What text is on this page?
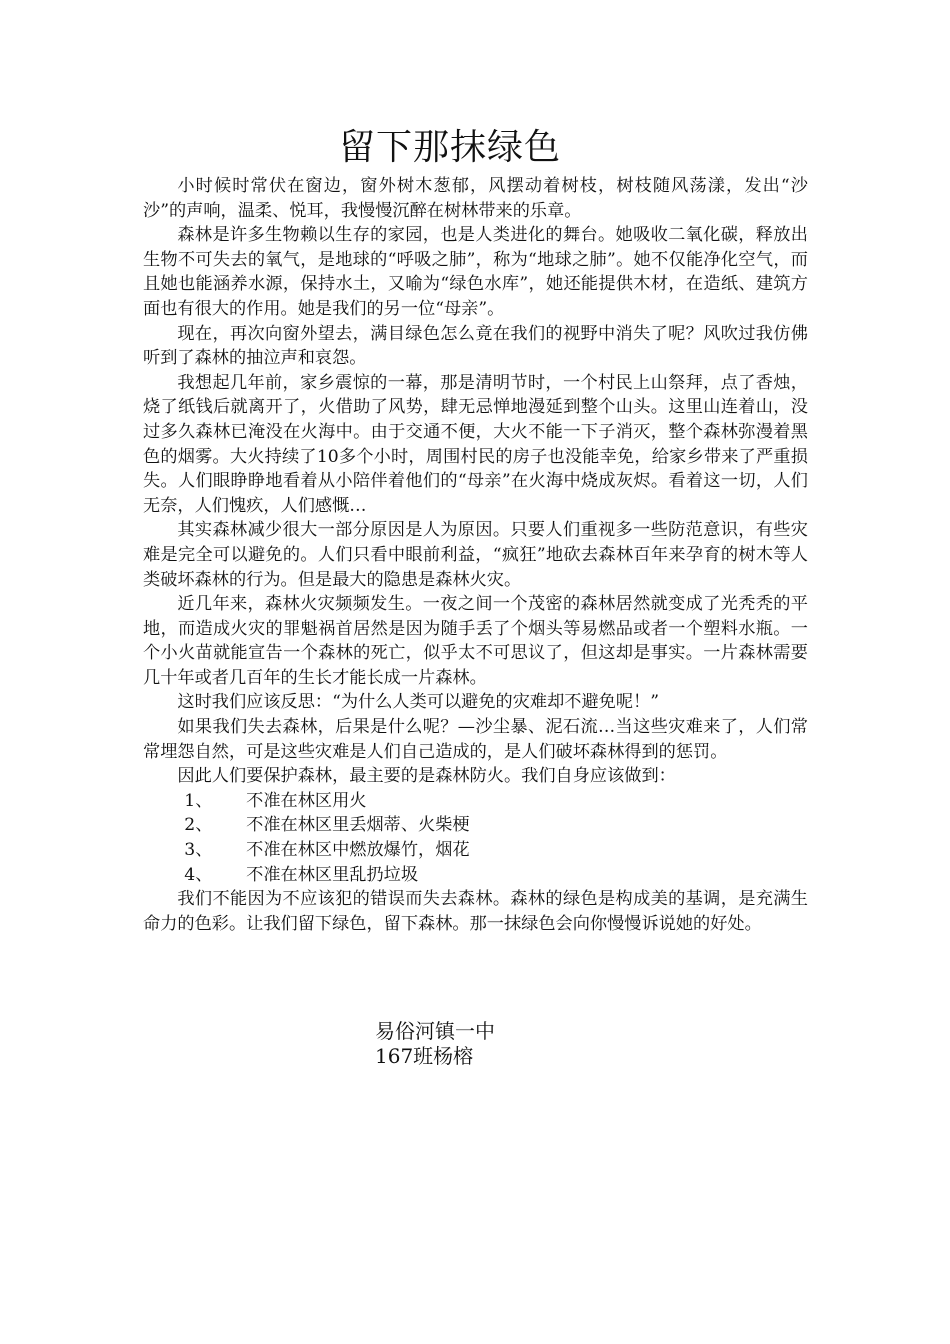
留下那抹绿色

小时候时常伏在窗边，窗外树木葱郁，风摆动着树枝，树枝随风荡漾，发出“沙沙”的声响，温柔、悦耳，我慢慢沉醉在树林带来的乐章。

森林是许多生物赖以生存的家园，也是人类进化的舞台。她吸收二氧化碳，释放出生物不可失去的氧气，是地球的“呼吸之肺”，称为“地球之肺”。她不仅能净化空气，而且她也能涵养水源，保持水土，又喻为“绿色水库”，她还能提供木材，在造纸、建筑方面也有很大的作用。她是我们的另一位“母亲”。

现在，再次向窗外望去，满目绿色怎么竟在我们的视野中消失了呢？风吹过我仿佛听到了森林的抽泣声和哀怨。

我想起几年前，家乡震惊的一幕，那是清明节时，一个村民上山祭拜，点了香烛，烧了纸钱后就离开了，火借助了风势，肆无忌惮地漫延到整个山头。这里山连着山，没过多久森林已淹没在火海中。由于交通不便，大火不能一下子消灭，整个森林弥漫着黑色的烟雾。大火持续了10多个小时，周围村民的房子也没能幸免，给家乡带来了严重损失。人们眼睁睁地看着从小陪伴着他们的“母亲”在火海中烧成灰烬。看着这一切，人们无奈，人们愧疚，人们感慨…

其实森林减少很大一部分原因是人为原因。只要人们重视多一些防范意识，有些灾难是完全可以避免的。人们只看中眼前利益，“疯狂”地砍去森林百年来孕育的树木等人类破坏森林的行为。但是最大的隐患是森林火灾。

近几年来，森林火灾频频发生。一夜之间一个茂密的森林居然就变成了光秃秃的平地，而造成火灾的罪魁祸首居然是因为随手丢了个烟头等易燃品或者一个塑料水瓶。一个小火苗就能宣告一个森林的死亡，似乎太不可思议了，但这却是事实。一片森林需要几十年或者几百年的生长才能长成一片森林。

这时我们应该反思：“为什么人类可以避免的灾难却不避免呢！”

如果我们失去森林，后果是什么呢？—沙尘暴、泥石流…当这些灾难来了，人们常常埋怨自然，可是这些灾难是人们自己造成的，是人们破坏森林得到的惩罚。

因此人们要保护森林，最主要的是森林防火。我们自身应该做到：

1、 不准在林区用火

2、 不准在林区里丢烟蒂、火柴梗

3、 不准在林区中燃放爆竹，烟花

4、 不准在林区里乱扔垃圾

我们不能因为不应该犯的错误而失去森林。森林的绿色是构成美的基调，是充满生命力的色彩。让我们留下绿色，留下森林。那一抹绿色会向你慢慢诉说她的好处。

易俗河镇一中
167班杨榕
